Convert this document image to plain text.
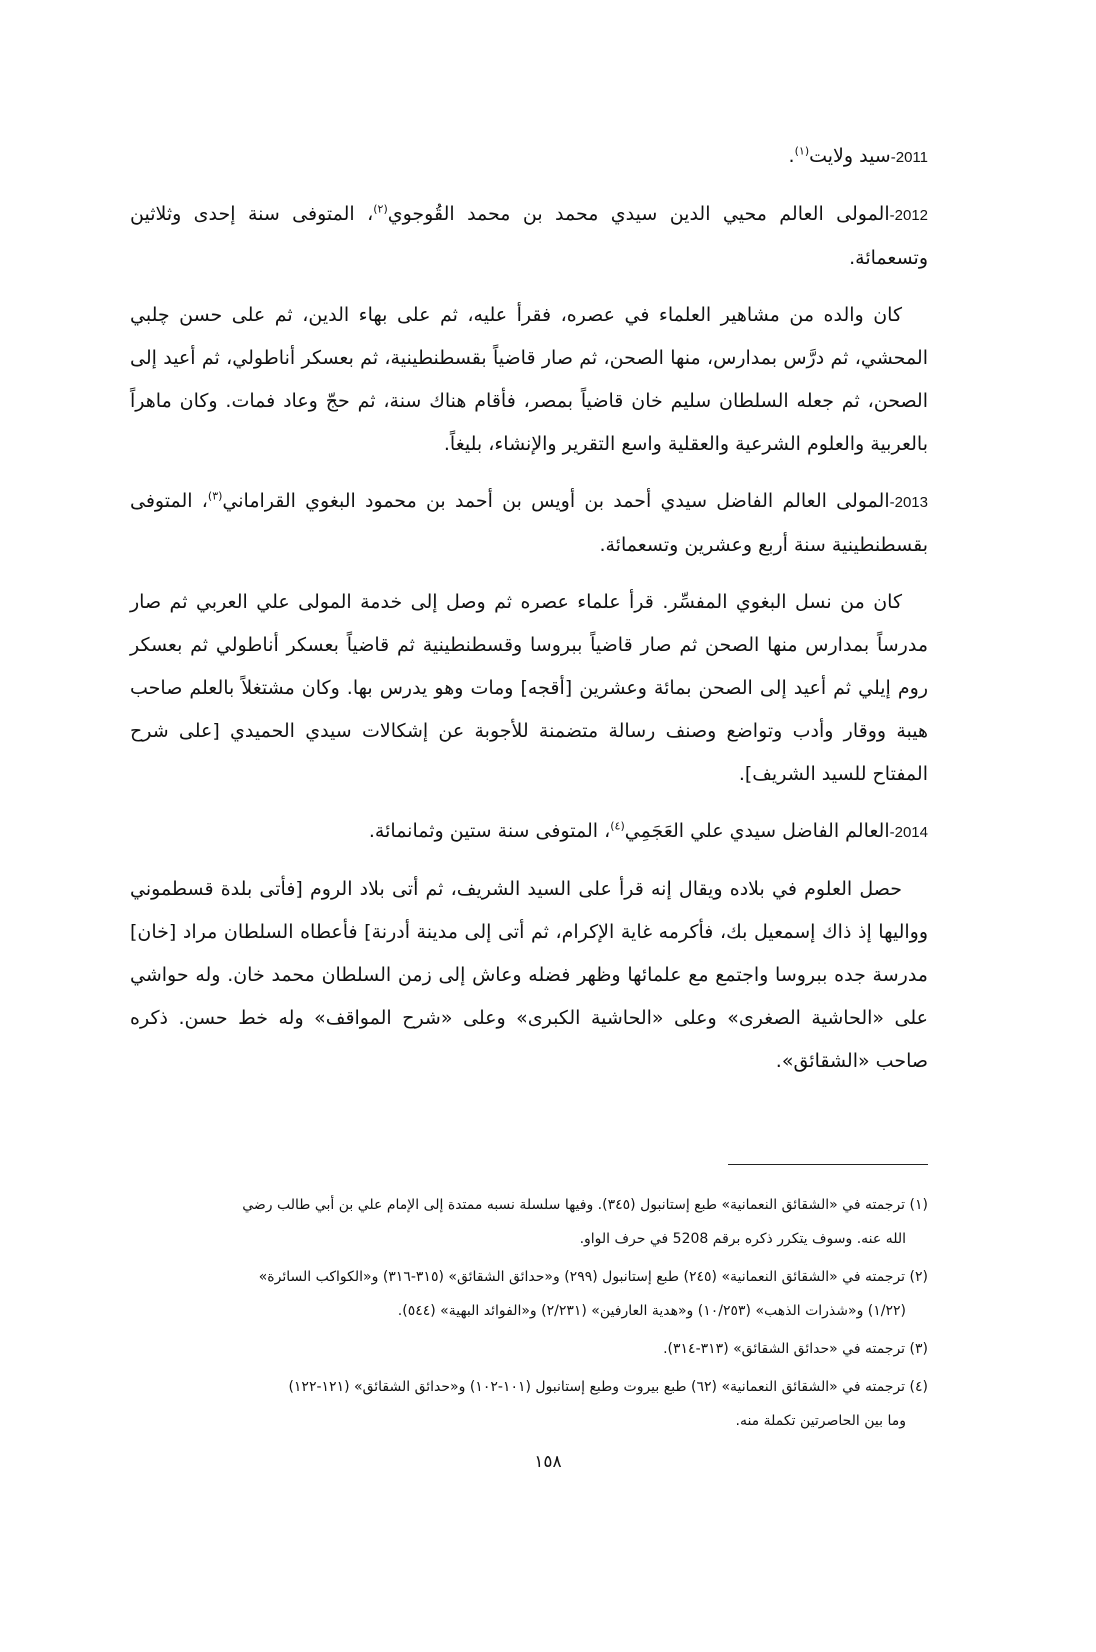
2011-سيد ولايت$^{(١)}$.

2012-المولى العالم محيي الدين سيدي محمد بن محمد القُوجوي$^{(٢)}$، المتوفى سنة إحدى وثلاثين وتسعمائة.

كان والده من مشاهير العلماء في عصره، فقرأ عليه، ثم على بهاء الدين، ثم على حسن چلبي المحشي، ثم درَّس بمدارس، منها الصحن، ثم صار قاضياً بقسطنطينية، ثم بعسكر أناطولي، ثم أعيد إلى الصحن، ثم جعله السلطان سليم خان قاضياً بمصر، فأقام هناك سنة، ثم حجّ وعاد فمات. وكان ماهراً بالعربية والعلوم الشرعية والعقلية واسع التقرير والإنشاء، بليغاً.

2013-المولى العالم الفاضل سيدي أحمد بن أويس بن أحمد بن محمود البغوي القراماني$^{(٣)}$، المتوفى بقسطنطينية سنة أربع وعشرين وتسعمائة.

كان من نسل البغوي المفسِّر. قرأ علماء عصره ثم وصل إلى خدمة المولى علي العربي ثم صار مدرساً بمدارس منها الصحن ثم صار قاضياً ببروسا وقسطنطينية ثم قاضياً بعسكر أناطولي ثم بعسكر روم إيلي ثم أعيد إلى الصحن بمائة وعشرين [أقجه] ومات وهو يدرس بها. وكان مشتغلاً بالعلم صاحب هيبة ووقار وأدب وتواضع وصنف رسالة متضمنة للأجوبة عن إشكالات سيدي الحميدي [على شرح المفتاح للسيد الشريف].

2014-العالم الفاضل سيدي علي العَجَمِي$^{(٤)}$، المتوفى سنة ستين وثمانمائة.

حصل العلوم في بلاده ويقال إنه قرأ على السيد الشريف، ثم أتى بلاد الروم [فأتى بلدة قسطموني وواليها إذ ذاك إسمعيل بك، فأكرمه غاية الإكرام، ثم أتى إلى مدينة أدرنة] فأعطاه السلطان مراد [خان] مدرسة جده ببروسا واجتمع مع علمائها وظهر فضله وعاش إلى زمن السلطان محمد خان. وله حواشي على «الحاشية الصغرى» وعلى «الحاشية الكبرى» وعلى «شرح المواقف» وله خط حسن. ذكره صاحب «الشقائق».

(١) ترجمته في «الشقائق النعمانية» طبع إستانبول (٣٤٥). وفيها سلسلة نسبه ممتدة إلى الإمام علي بن أبي طالب رضي
الله عنه. وسوف يتكرر ذكره برقم 5208 في حرف الواو.
(٢) ترجمته في «الشقائق النعمانية» (٢٤٥) طبع إستانبول (٢٩٩) و«حدائق الشقائق» (٣١٥-٣١٦) و«الكواكب السائرة»
(١/٢٢) و«شذرات الذهب» (١٠/٢٥٣) و«هدية العارفين» (٢/٢٣١) و«الفوائد البهية» (٥٤٤).
(٣) ترجمته في «حدائق الشقائق» (٣١٣-٣١٤).
(٤) ترجمته في «الشقائق النعمانية» (٦٢) طبع بيروت وطبع إستانبول (١٠١-١٠٢) و«حدائق الشقائق» (١٢١-١٢٢)
وما بين الحاصرتين تكملة منه.
١٥٨
